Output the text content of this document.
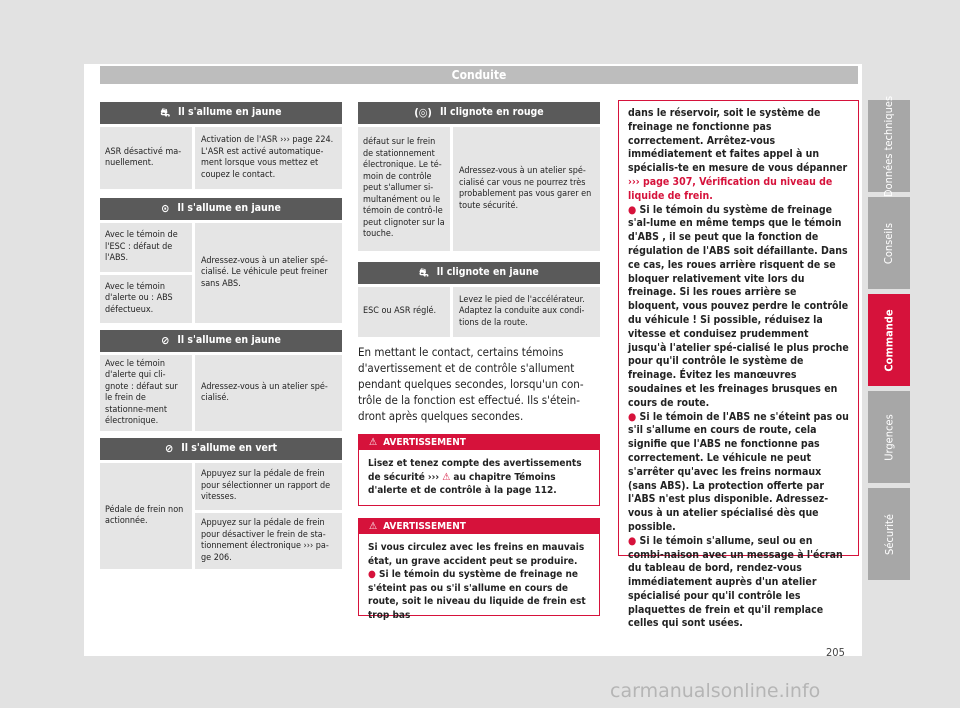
Conduite
Données techniques
Conseils
Commande
Urgences
Sécurité
⛐ Il s'allume en jaune
ASR désactivé ma-nuellement.
Activation de l'ASR ››› page 224. L'ASR est activé automatique-ment lorsque vous mettez et coupez le contact.
⊙ Il s'allume en jaune
Avec le témoin de l'ESC : défaut de l'ABS.
Avec le témoin d'alerte ou : ABS défectueux.
Adressez-vous à un atelier spé-cialisé. Le véhicule peut freiner sans ABS.
⊘ Il s'allume en jaune
Avec le témoin d'alerte qui cli-gnote : défaut sur le frein de stationne-ment électronique.
Adressez-vous à un atelier spé-cialisé.
⊘ Il s'allume en vert
Pédale de frein non actionnée.
Appuyez sur la pédale de frein pour sélectionner un rapport de vitesses.
Appuyez sur la pédale de frein pour désactiver le frein de sta-tionnement électronique ››› pa-ge 206.
(◎) Il clignote en rouge
défaut sur le frein de stationnement électronique. Le té-moin de contrôle peut s'allumer si-multanément ou le témoin de contrô-le peut clignoter sur la touche.
Adressez-vous à un atelier spé-cialisé car vous ne pourrez très probablement pas vous garer en toute sécurité.
⛐ Il clignote en jaune
ESC ou ASR réglé.
Levez le pied de l'accélérateur. Adaptez la conduite aux condi-tions de la route.
En mettant le contact, certains témoins d'avertissement et de contrôle s'allument pendant quelques secondes, lorsqu'un con-trôle de la fonction est effectué. Ils s'étein-dront après quelques secondes.
⚠ AVERTISSEMENT

Lisez et tenez compte des avertissements de sécurité ››› ⚠ au chapitre Témoins d'alerte et de contrôle à la page 112.

⚠ AVERTISSEMENT

Si vous circulez avec les freins en mauvais état, un grave accident peut se produire.

● Si le témoin du système de freinage ne s'éteint pas ou s'il s'allume en cours de route, soit le niveau du liquide de frein est trop bas

dans le réservoir, soit le système de freinage ne fonctionne pas correctement. Arrêtez-vous immédiatement et faites appel à un spécialis-te en mesure de vous dépanner ››› page 307, Vérification du niveau de liquide de frein.

● Si le témoin du système de freinage s'al-lume en même temps que le témoin d'ABS , il se peut que la fonction de régulation de l'ABS soit défaillante. Dans ce cas, les roues arrière risquent de se bloquer relativement vite lors du freinage. Si les roues arrière se bloquent, vous pouvez perdre le contrôle du véhicule ! Si possible, réduisez la vitesse et conduisez prudemment jusqu'à l'atelier spé-cialisé le plus proche pour qu'il contrôle le système de freinage. Évitez les manœuvres soudaines et les freinages brusques en cours de route.

● Si le témoin de l'ABS ne s'éteint pas ou s'il s'allume en cours de route, cela signifie que l'ABS ne fonctionne pas correctement. Le véhicule ne peut s'arrêter qu'avec les freins normaux (sans ABS). La protection offerte par l'ABS n'est plus disponible. Adressez-vous à un atelier spécialisé dès que possible.

● Si le témoin s'allume, seul ou en combi-naison avec un message à l'écran du tableau de bord, rendez-vous immédiatement auprès d'un atelier spécialisé pour qu'il contrôle les plaquettes de frein et qu'il remplace celles qui sont usées.

205
carmanualsonline.info
